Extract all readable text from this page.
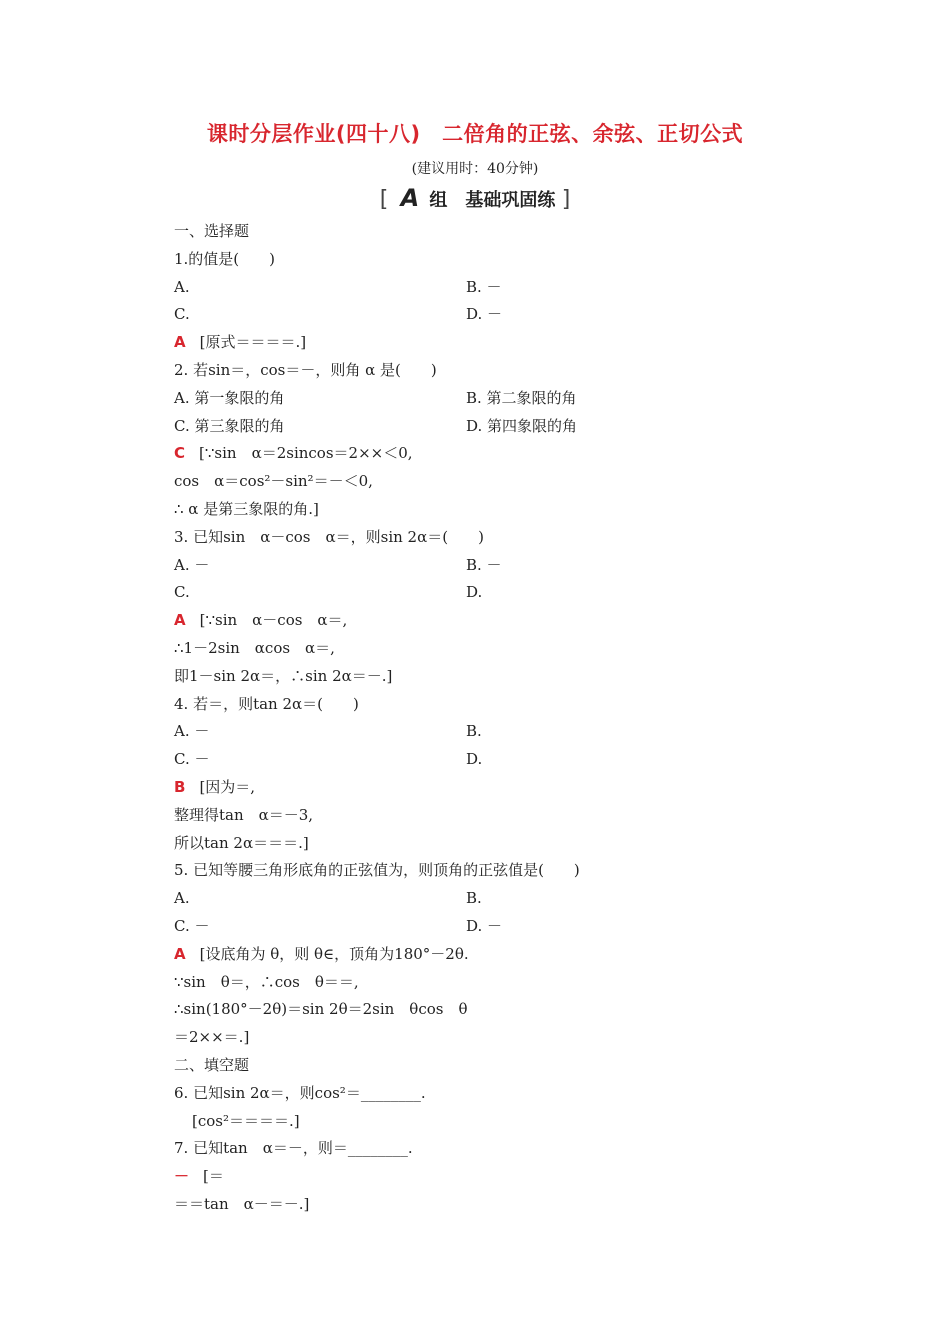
课时分层作业(四十八)　二倍角的正弦、余弦、正切公式
(建议用时：40分钟)
[ A 组　基础巩固练 ]
一、选择题
1.的值是(　　)
A.	B. －
C.	D. －
A [原式＝＝＝＝.]
2. 若sin＝，cos＝－，则角 α 是(　　)
A. 第一象限的角	B. 第二象限的角
C. 第三象限的角	D. 第四象限的角
C [∵sin　α＝2sincos＝2××＜0,
cos　α＝cos²－sin²＝－＜0,
∴ α 是第三象限的角.]
3. 已知sin　α－cos　α＝，则sin 2α＝(　　)
A. －	B. －
C.	D.
A [∵sin　α－cos　α＝,
∴1－2sin　αcos　α＝,
即1－sin 2α＝，∴sin 2α＝－.]
4. 若＝，则tan 2α＝(　　)
A. －	B.
C. －	D.
B [因为＝,
整理得tan　α＝－3,
所以tan 2α＝＝＝.]
5. 已知等腰三角形底角的正弦值为，则顶角的正弦值是(　　)
A.	B.
C. －	D. －
A [设底角为 θ，则 θ∈，顶角为180°－2θ.
∵sin　θ＝，∴cos　θ＝＝,
∴sin(180°－2θ)＝sin 2θ＝2sin　θcos　θ
＝2××＝.]
二、填空题
6. 已知sin 2α＝，则cos²＝________.
[cos²＝＝＝＝.]
7. 已知tan　α＝－，则＝________.
－ [＝
＝＝tan　α－＝－.]
